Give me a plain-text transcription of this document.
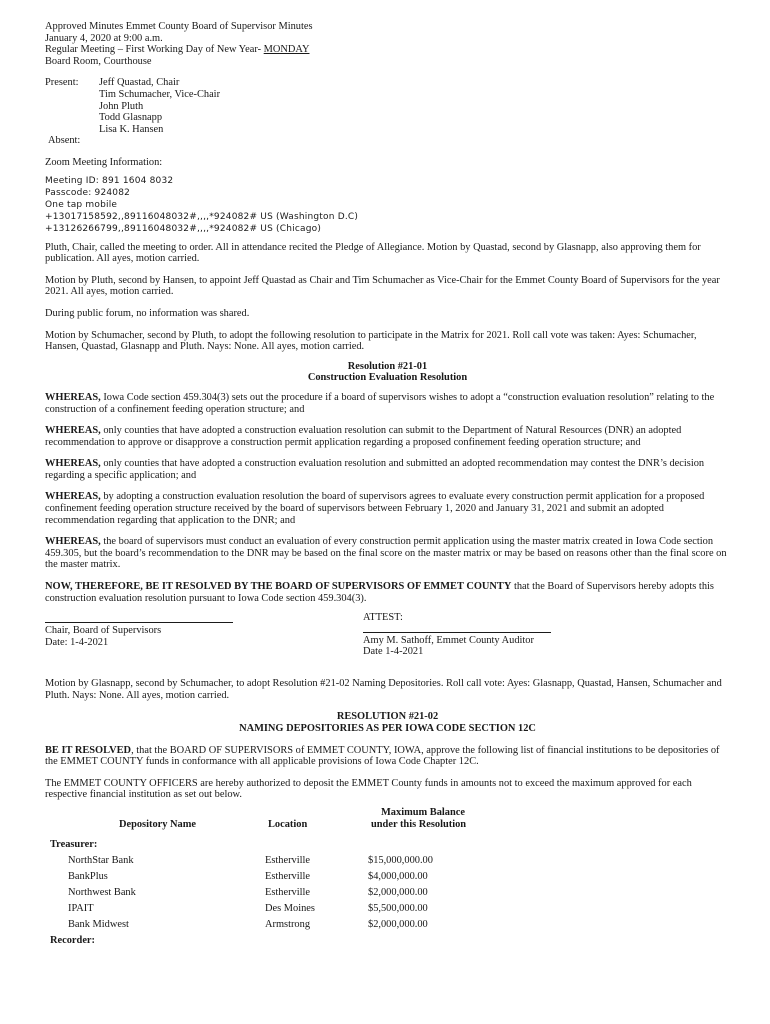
Approved Minutes Emmet County Board of Supervisor Minutes
January 4, 2020 at 9:00 a.m.
Regular Meeting – First Working Day of New Year- MONDAY
Board Room, Courthouse
Present: Jeff Quastad, Chair
Tim Schumacher, Vice-Chair
John Pluth
Todd Glasnapp
Lisa K. Hansen
Absent:
Zoom Meeting Information:
Meeting ID: 891 1604 8032
Passcode: 924082
One tap mobile
+13017158592,,89116048032#,,,,*924082# US (Washington D.C)
+13126266799,,89116048032#,,,,*924082# US (Chicago)

Pluth, Chair, called the meeting to order. All in attendance recited the Pledge of Allegiance. Motion by Quastad, second by Glasnapp, also approving them for publication. All ayes, motion carried.

Motion by Pluth, second by Hansen, to appoint Jeff Quastad as Chair and Tim Schumacher as Vice-Chair for the Emmet County Board of Supervisors for the year 2021. All ayes, motion carried.

During public forum, no information was shared.

Motion by Schumacher, second by Pluth, to adopt the following resolution to participate in the Matrix for 2021. Roll call vote was taken: Ayes: Schumacher, Hansen, Quastad, Glasnapp and Pluth. Nays: None. All ayes, motion carried.

Resolution #21-01
Construction Evaluation Resolution

WHEREAS, Iowa Code section 459.304(3) sets out the procedure if a board of supervisors wishes to adopt a “construction evaluation resolution” relating to the construction of a confinement feeding operation structure; and

WHEREAS, only counties that have adopted a construction evaluation resolution can submit to the Department of Natural Resources (DNR) an adopted recommendation to approve or disapprove a construction permit application regarding a proposed confinement feeding operation structure; and

WHEREAS, only counties that have adopted a construction evaluation resolution and submitted an adopted recommendation may contest the DNR’s decision regarding a specific application; and

WHEREAS, by adopting a construction evaluation resolution the board of supervisors agrees to evaluate every construction permit application for a proposed confinement feeding operation structure received by the board of supervisors between February 1, 2020 and January 31, 2021 and submit an adopted recommendation regarding that application to the DNR; and

WHEREAS, the board of supervisors must conduct an evaluation of every construction permit application using the master matrix created in Iowa Code section 459.305, but the board’s recommendation to the DNR may be based on the final score on the master matrix or may be based on reasons other than the final score on the master matrix.

NOW, THEREFORE, BE IT RESOLVED BY THE BOARD OF SUPERVISORS OF EMMET COUNTY that the Board of Supervisors hereby adopts this construction evaluation resolution pursuant to Iowa Code section 459.304(3).

Chair, Board of Supervisors
Date: 1-4-2021
ATTEST:
Amy M. Sathoff, Emmet County Auditor
Date 1-4-2021

Motion by Glasnapp, second by Schumacher, to adopt Resolution #21-02 Naming Depositories. Roll call vote: Ayes: Glasnapp, Quastad, Hansen, Schumacher and Pluth. Nays: None. All ayes, motion carried.

RESOLUTION #21-02
NAMING DEPOSITORIES AS PER IOWA CODE SECTION 12C

BE IT RESOLVED, that the BOARD OF SUPERVISORS of EMMET COUNTY, IOWA, approve the following list of financial institutions to be depositories of the EMMET COUNTY funds in conformance with all applicable provisions of Iowa Code Chapter 12C.

The EMMET COUNTY OFFICERS are hereby authorized to deposit the EMMET County funds in amounts not to exceed the maximum approved for each respective financial institution as set out below.

Depository Name	Location	Maximum Balance
under this Resolution

Treasurer:		
NorthStar Bank	Estherville	$15,000,000.00
BankPlus	Estherville	$4,000,000.00
Northwest Bank	Estherville	$2,000,000.00
IPAIT	Des Moines	$5,500,000.00
Bank Midwest	Armstrong	$2,000,000.00
Recorder:		
